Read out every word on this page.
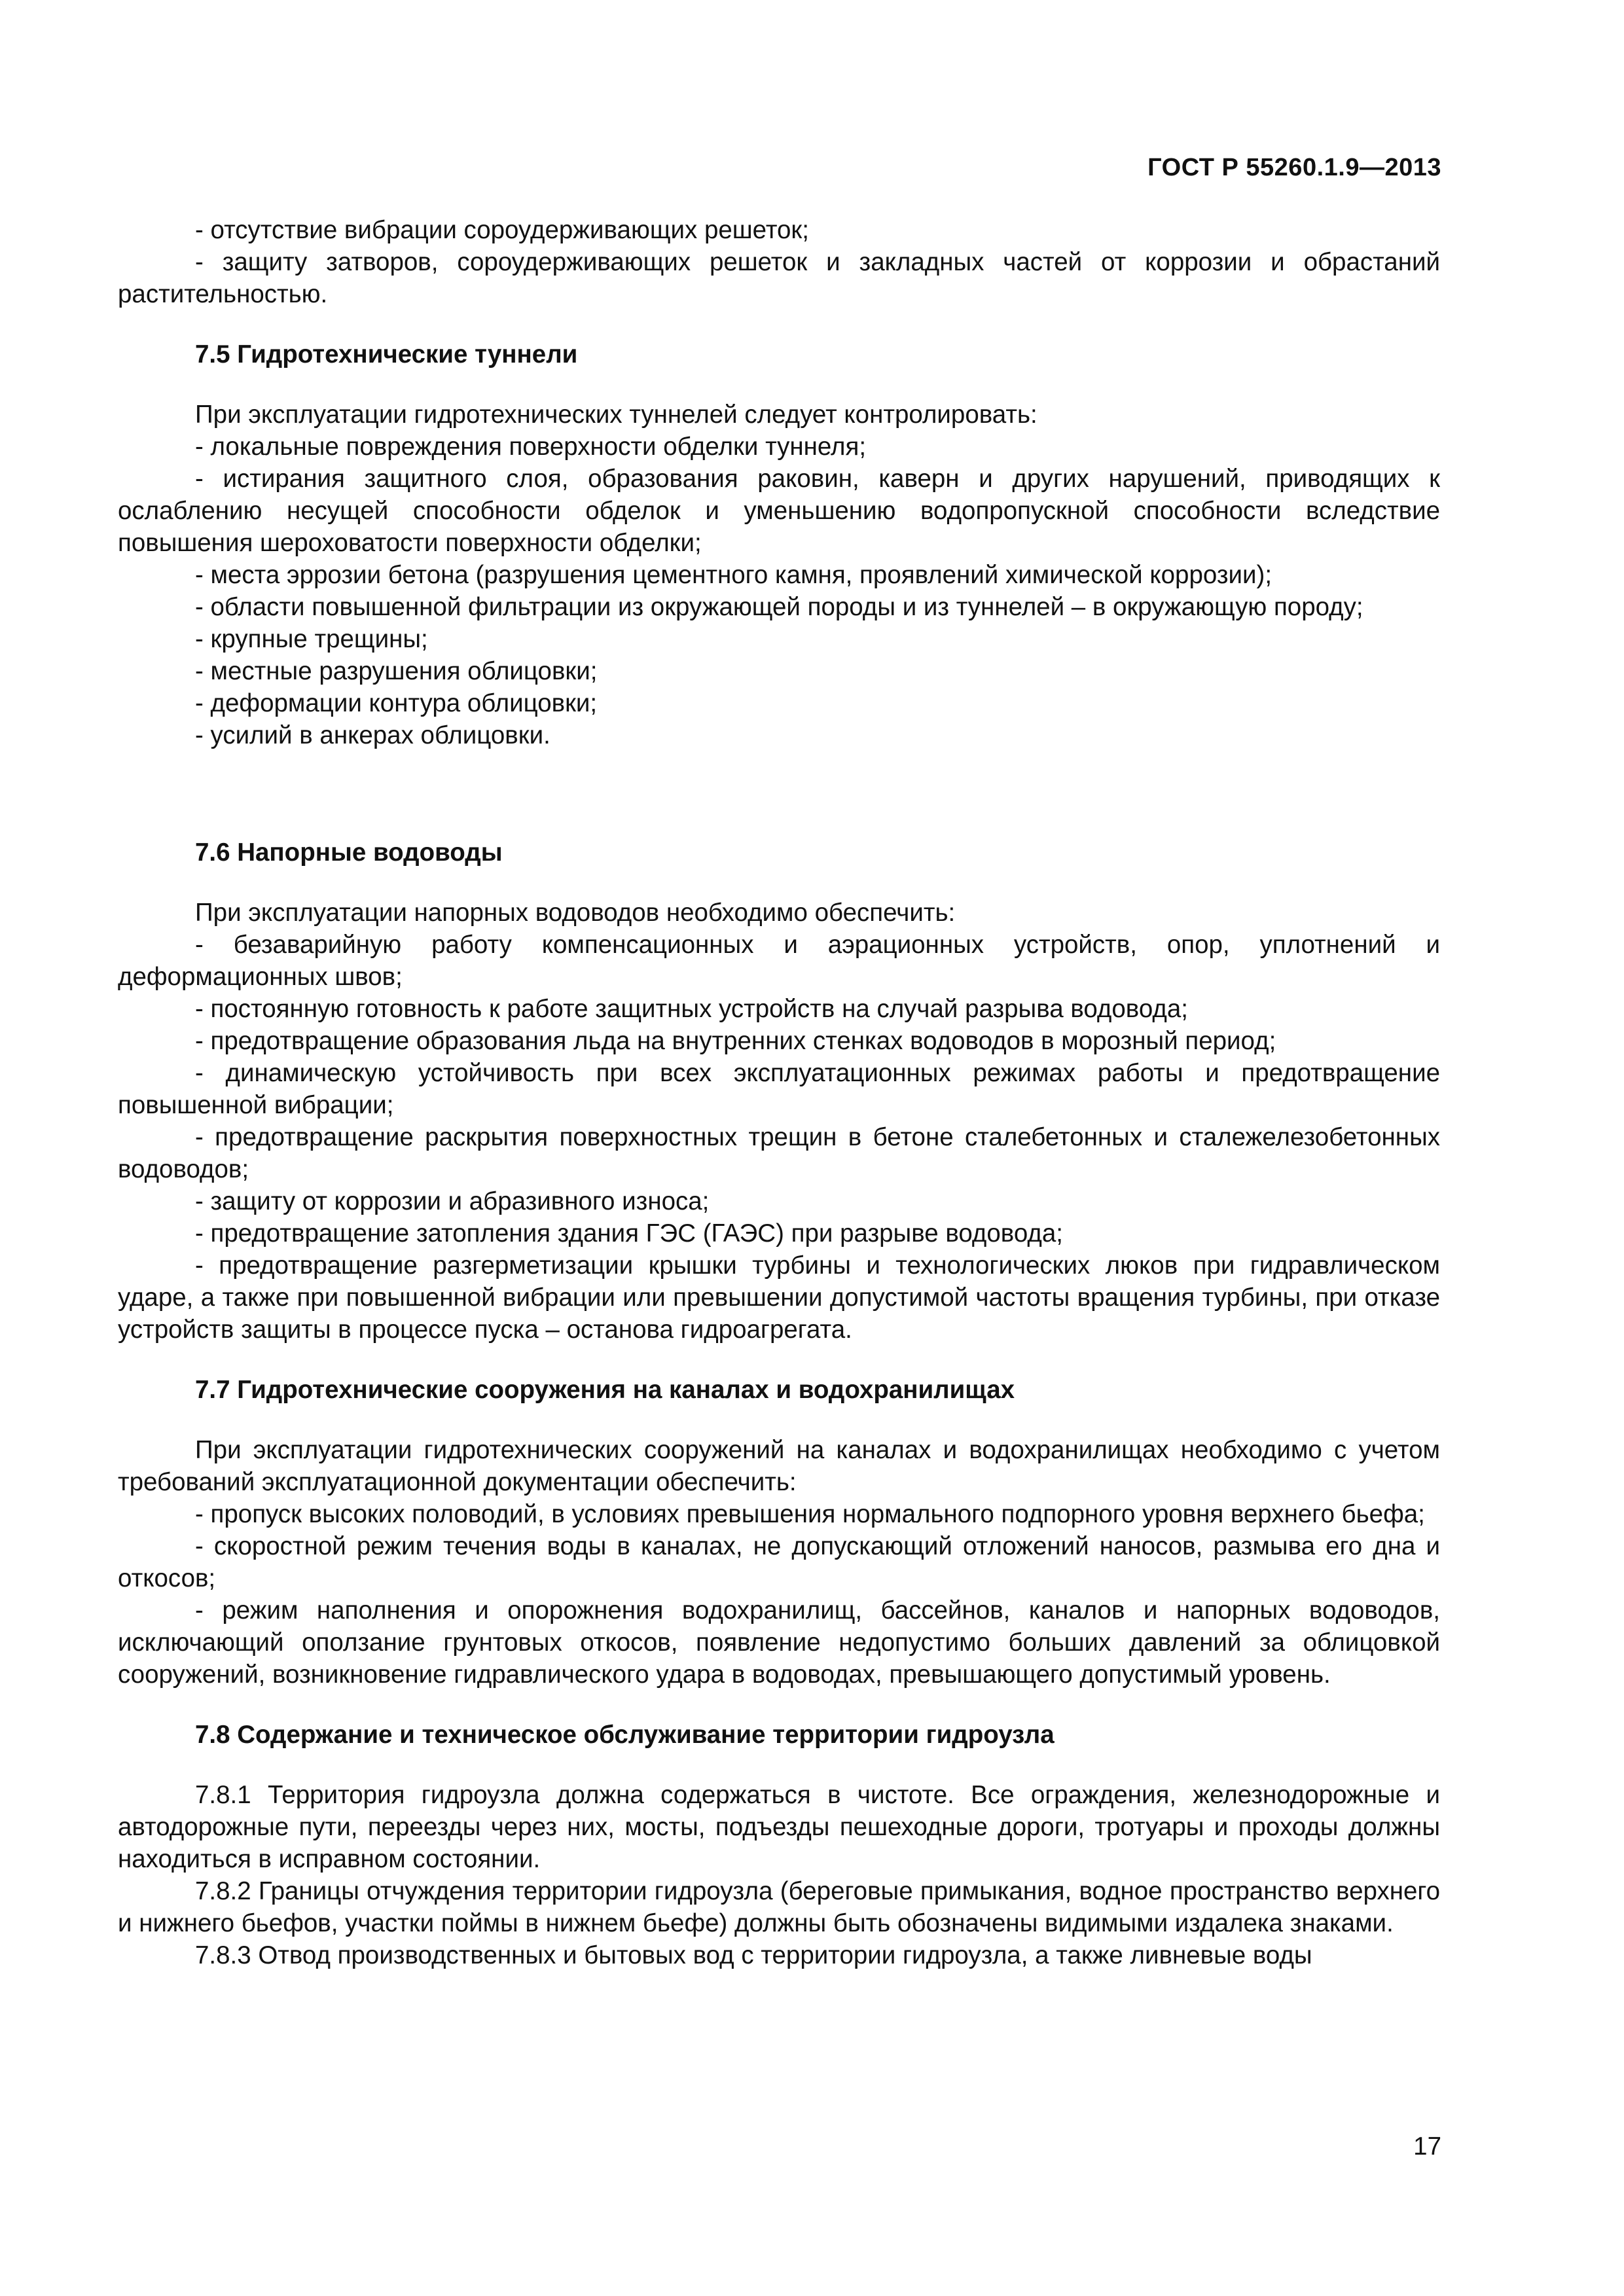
ГОСТ Р 55260.1.9—2013

- отсутствие вибрации сороудерживающих решеток;

- защиту затворов, сороудерживающих решеток и закладных частей от коррозии и обрастаний растительностью.

7.5 Гидротехнические туннели

При эксплуатации гидротехнических туннелей следует контролировать:

- локальные повреждения поверхности обделки туннеля;

- истирания защитного слоя, образования раковин, каверн и других нарушений, приводящих к ослаблению несущей способности обделок и уменьшению водопропускной способности вследствие повышения шероховатости поверхности обделки;

- места эррозии бетона (разрушения цементного камня, проявлений химической коррозии);

- области повышенной фильтрации из окружающей породы и из туннелей – в окружающую породу;

- крупные трещины;

- местные разрушения облицовки;

- деформации контура облицовки;

- усилий в анкерах облицовки.

7.6 Напорные водоводы

При эксплуатации напорных водоводов необходимо обеспечить:

- безаварийную работу компенсационных и аэрационных устройств, опор, уплотнений и деформационных швов;

- постоянную готовность к работе защитных устройств на случай разрыва водовода;

- предотвращение образования льда на внутренних стенках водоводов в морозный период;

- динамическую устойчивость при всех эксплуатационных режимах работы и предотвращение повышенной вибрации;

- предотвращение раскрытия поверхностных трещин в бетоне сталебетонных и сталежелезобетонных водоводов;

- защиту от коррозии и абразивного износа;

- предотвращение затопления здания ГЭС (ГАЭС) при разрыве водовода;

- предотвращение разгерметизации крышки турбины и технологических люков при гидравлическом ударе, а также при повышенной вибрации или превышении допустимой частоты вращения турбины, при отказе устройств защиты в процессе пуска – останова гидроагрегата.

7.7 Гидротехнические сооружения на каналах и водохранилищах

При эксплуатации гидротехнических сооружений на каналах и водохранилищах необходимо с учетом требований эксплуатационной документации обеспечить:

- пропуск высоких половодий, в условиях превышения нормального подпорного уровня верхнего бьефа;

- скоростной режим течения воды в каналах, не допускающий отложений наносов, размыва его дна и откосов;

- режим наполнения и опорожнения водохранилищ, бассейнов, каналов и напорных водоводов, исключающий оползание грунтовых откосов, появление недопустимо больших давлений за облицовкой сооружений, возникновение гидравлического удара в водоводах, превышающего допустимый уровень.

7.8 Содержание и техническое обслуживание территории гидроузла

7.8.1 Территория гидроузла должна содержаться в чистоте. Все ограждения, железнодорожные и автодорожные пути, переезды через них, мосты, подъезды пешеходные дороги, тротуары и проходы должны находиться в исправном состоянии.

7.8.2 Границы отчуждения территории гидроузла (береговые примыкания, водное пространство верхнего и нижнего бьефов, участки поймы в нижнем бьефе) должны быть обозначены видимыми издалека знаками.

7.8.3 Отвод производственных и бытовых вод с территории гидроузла, а также ливневые воды

17
